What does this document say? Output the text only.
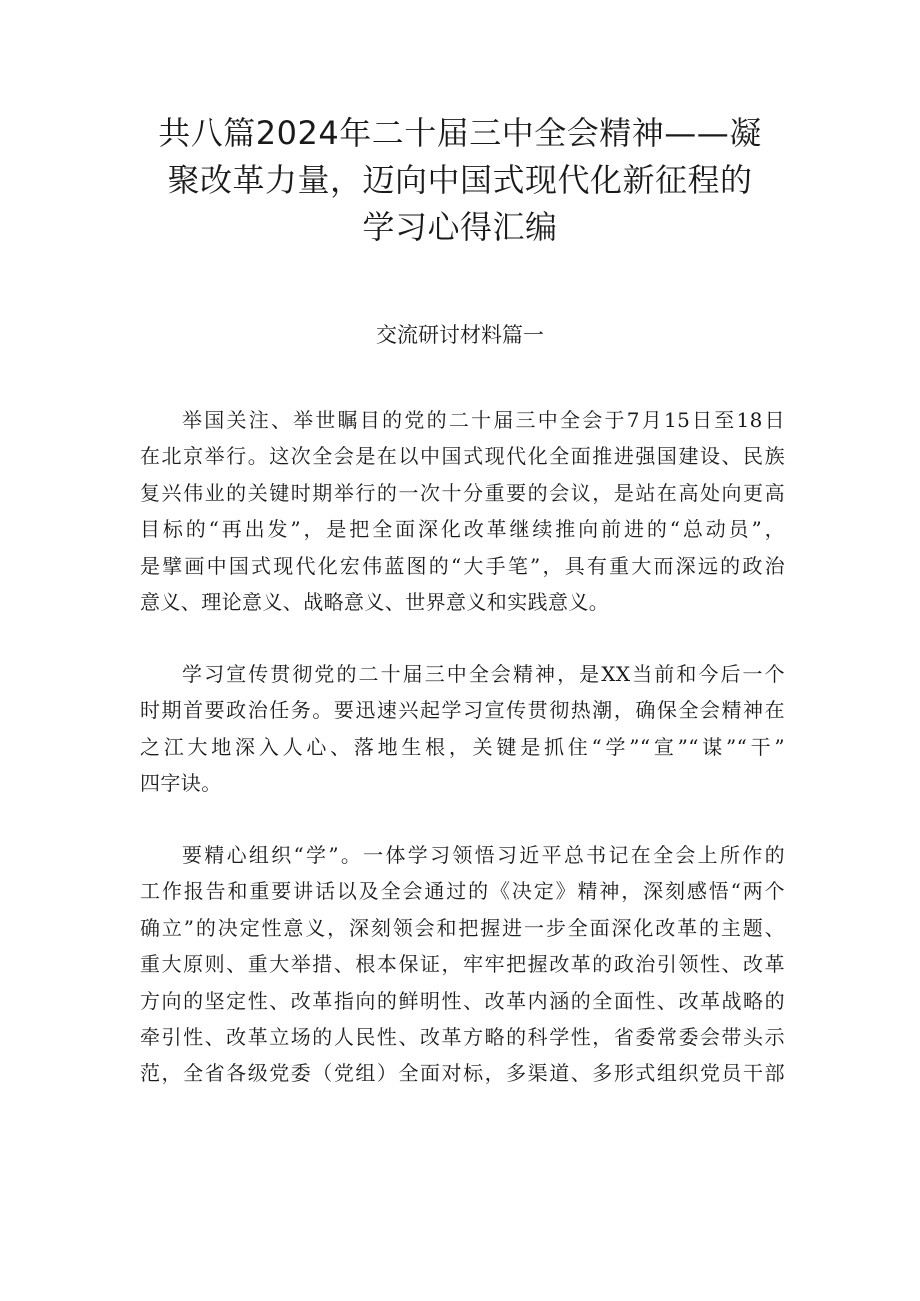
共八篇2024年二十届三中全会精神——凝
聚改革力量，迈向中国式现代化新征程的
学习心得汇编
交流研讨材料篇一

举国关注、举世瞩目的党的二十届三中全会于7月15日至18日
在北京举行。这次全会是在以中国式现代化全面推进强国建设、民族
复兴伟业的关键时期举行的一次十分重要的会议，是站在高处向更高
目标的“再出发”，是把全面深化改革继续推向前进的“总动员”，
是擘画中国式现代化宏伟蓝图的“大手笔”，具有重大而深远的政治
意义、理论意义、战略意义、世界意义和实践意义。

学习宣传贯彻党的二十届三中全会精神，是XX当前和今后一个
时期首要政治任务。要迅速兴起学习宣传贯彻热潮，确保全会精神在
之江大地深入人心、落地生根，关键是抓住“学”“宣”“谋”“干”
四字诀。

要精心组织“学”。一体学习领悟习近平总书记在全会上所作的
工作报告和重要讲话以及全会通过的《决定》精神，深刻感悟“两个
确立”的决定性意义，深刻领会和把握进一步全面深化改革的主题、
重大原则、重大举措、根本保证，牢牢把握改革的政治引领性、改革
方向的坚定性、改革指向的鲜明性、改革内涵的全面性、改革战略的
牵引性、改革立场的人民性、改革方略的科学性，省委常委会带头示
范，全省各级党委（党组）全面对标，多渠道、多形式组织党员干部
